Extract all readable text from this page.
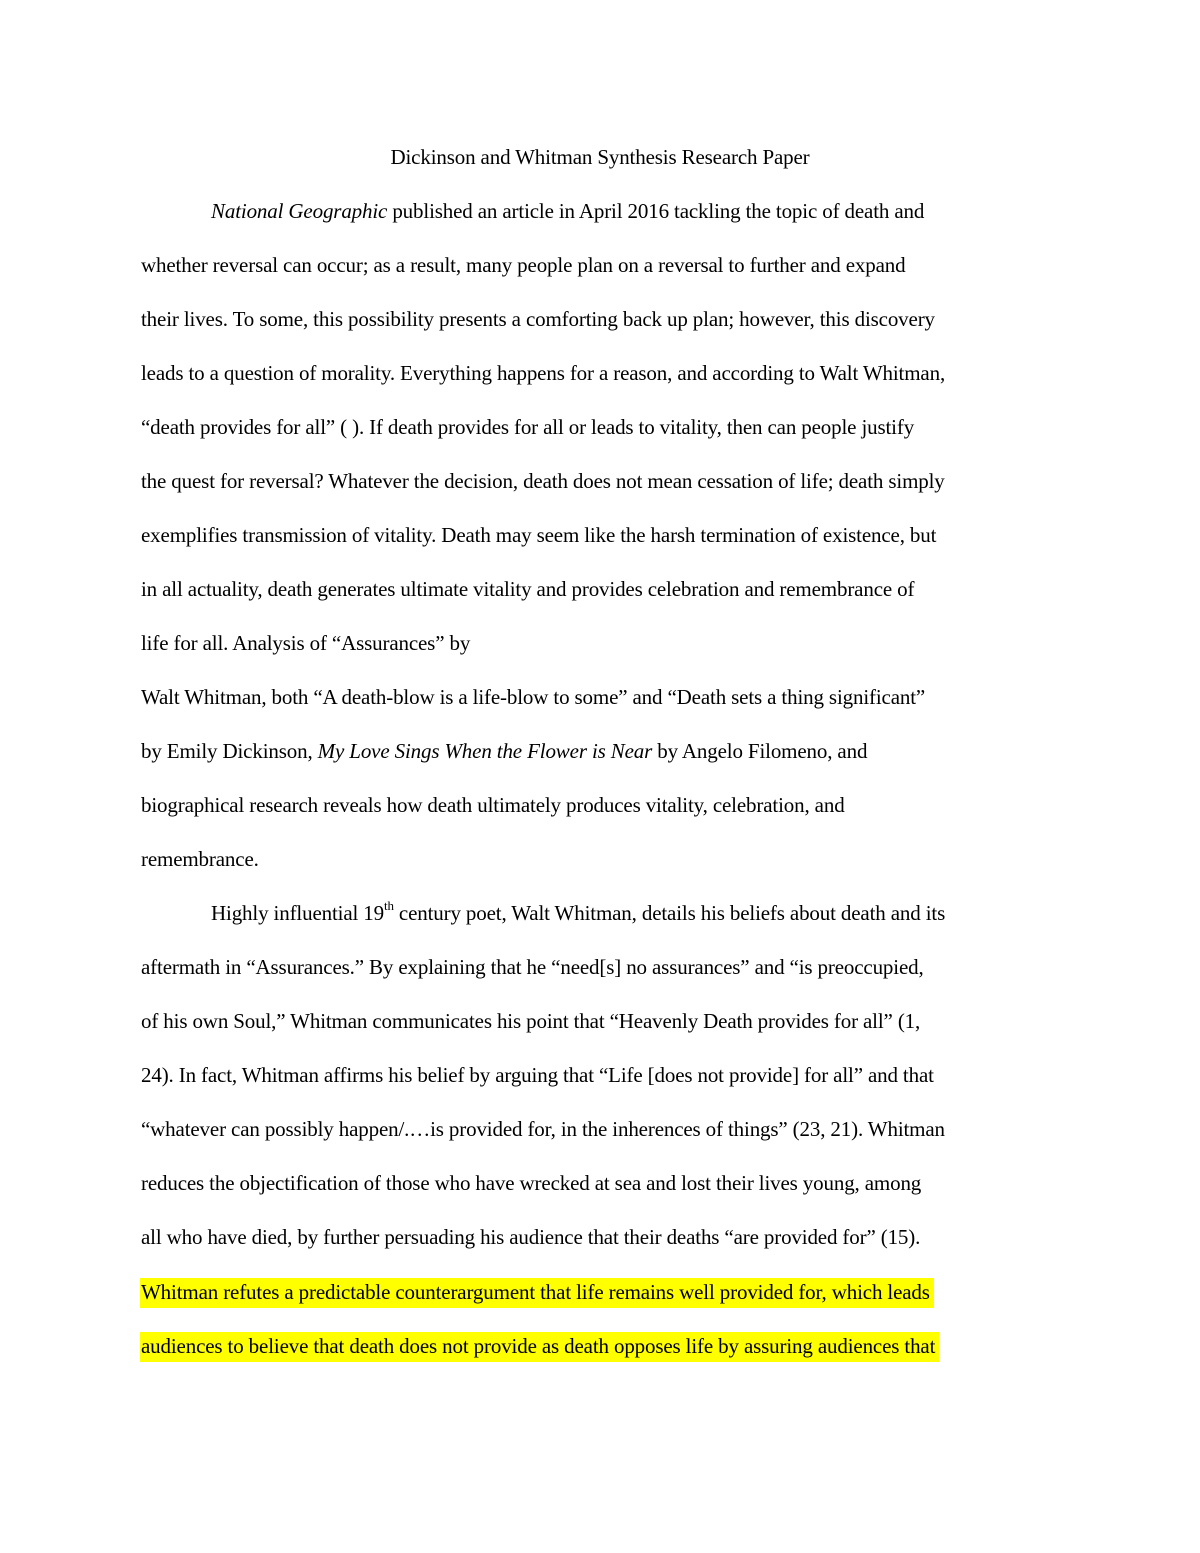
Dickinson and Whitman Synthesis Research Paper
National Geographic published an article in April 2016 tackling the topic of death and
whether reversal can occur; as a result, many people plan on a reversal to further and expand
their lives. To some, this possibility presents a comforting back up plan; however, this discovery
leads to a question of morality. Everything happens for a reason, and according to Walt Whitman,
“death provides for all” ( ). If death provides for all or leads to vitality, then can people justify
the quest for reversal? Whatever the decision, death does not mean cessation of life; death simply
exemplifies transmission of vitality. Death may seem like the harsh termination of existence, but
in all actuality, death generates ultimate vitality and provides celebration and remembrance of
life for all. Analysis of “Assurances” by
Walt Whitman, both “A death-blow is a life-blow to some” and “Death sets a thing significant”
by Emily Dickinson, My Love Sings When the Flower is Near by Angelo Filomeno, and
biographical research reveals how death ultimately produces vitality, celebration, and
remembrance.
Highly influential 19th century poet, Walt Whitman, details his beliefs about death and its
aftermath in “Assurances.” By explaining that he “need[s] no assurances” and “is preoccupied,
of his own Soul,” Whitman communicates his point that “Heavenly Death provides for all” (1,
24). In fact, Whitman affirms his belief by arguing that “Life [does not provide] for all” and that
“whatever can possibly happen/.…is provided for, in the inherences of things” (23, 21). Whitman
reduces the objectification of those who have wrecked at sea and lost their lives young, among
all who have died, by further persuading his audience that their deaths “are provided for” (15).
Whitman refutes a predictable counterargument that life remains well provided for, which leads
audiences to believe that death does not provide as death opposes life by assuring audiences that
